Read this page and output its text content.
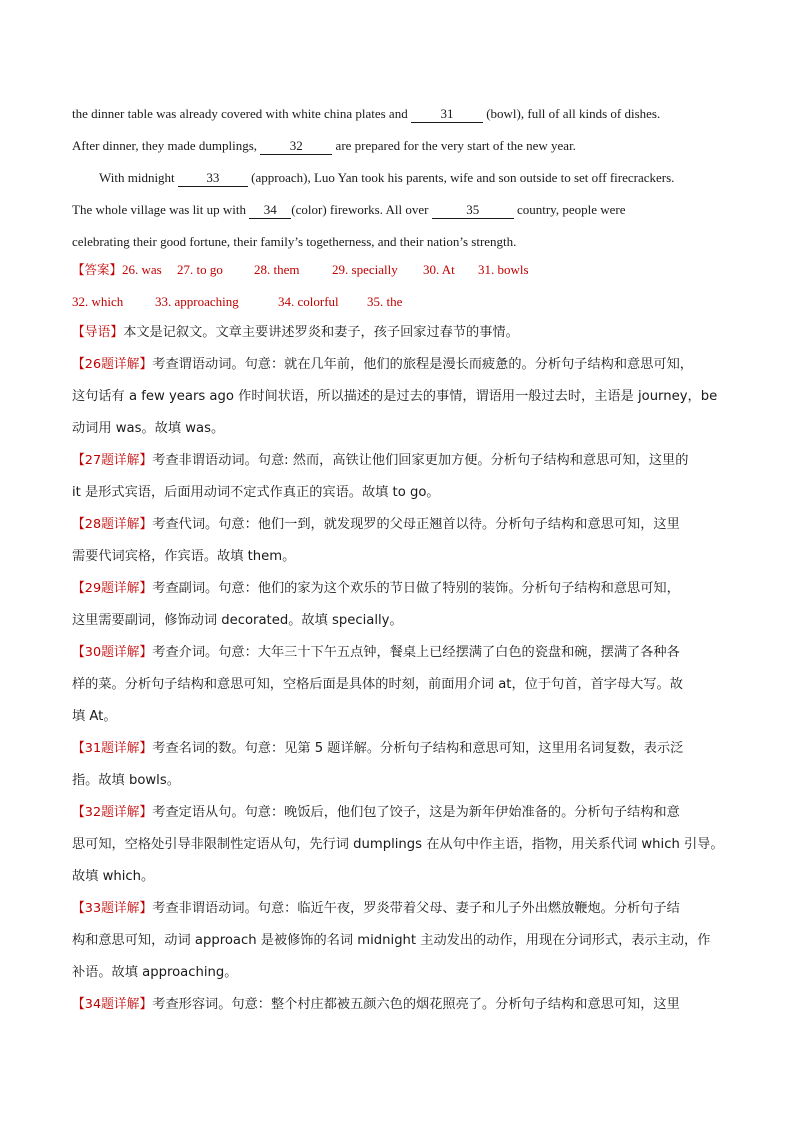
the dinner table was already covered with white china plates and 31 (bowl), full of all kinds of dishes.
After dinner, they made dumplings, 32 are prepared for the very start of the new year.
With midnight 33 (approach), Luo Yan took his parents, wife and son outside to set off firecrackers.
The whole village was lit up with 34 (color) fireworks. All over	35	country, people were
celebrating their good fortune, their family’s togetherness, and their nation’s strength.
【答案】26. was 27. to go 28. them	29. specially 30. At 31. bowls
32. which 33. approaching	34. colorful 35. the
【导语】本文是记叙文。文章主要讲述罗炎和妻子，孩子回家过春节的事情。
【26题详解】考查谓语动词。句意：就在几年前，他们的旅程是漫长而疲惫的。分析句子结构和意思可知，
这句话有 a few years ago 作时间状语，所以描述的是过去的事情，谓语用一般过去时，主语是 journey，be
动词用 was。故填 was。
【27题详解】考查非谓语动词。句意: 然而，高铁让他们回家更加方便。分析句子结构和意思可知，这里的
it 是形式宾语，后面用动词不定式作真正的宾语。故填 to go。
【28题详解】考查代词。句意：他们一到，就发现罗的父母正翘首以待。分析句子结构和意思可知，这里
需要代词宾格，作宾语。故填 them。
【29题详解】考查副词。句意：他们的家为这个欢乐的节日做了特别的装饰。分析句子结构和意思可知，
这里需要副词，修饰动词 decorated。故填 specially。
【30题详解】考查介词。句意：大年三十下午五点钟，餐桌上已经摆满了白色的瓷盘和碗，摆满了各种各
样的菜。分析句子结构和意思可知，空格后面是具体的时刻，前面用介词 at，位于句首，首字母大写。故
填 At。
【31题详解】考查名词的数。句意：见第 5 题详解。分析句子结构和意思可知，这里用名词复数，表示泛
指。故填 bowls。
【32题详解】考查定语从句。句意：晚饭后，他们包了饺子，这是为新年伊始准备的。分析句子结构和意
思可知，空格处引导非限制性定语从句，先行词 dumplings 在从句中作主语，指物，用关系代词 which 引导。
故填 which。
【33题详解】考查非谓语动词。句意：临近午夜，罗炎带着父母、妻子和儿子外出燃放鞭炮。分析句子结
构和意思可知，动词 approach 是被修饰的名词 midnight 主动发出的动作，用现在分词形式，表示主动，作
补语。故填 approaching。
【34题详解】考查形容词。句意：整个村庄都被五颜六色的烟花照亮了。分析句子结构和意思可知，这里
